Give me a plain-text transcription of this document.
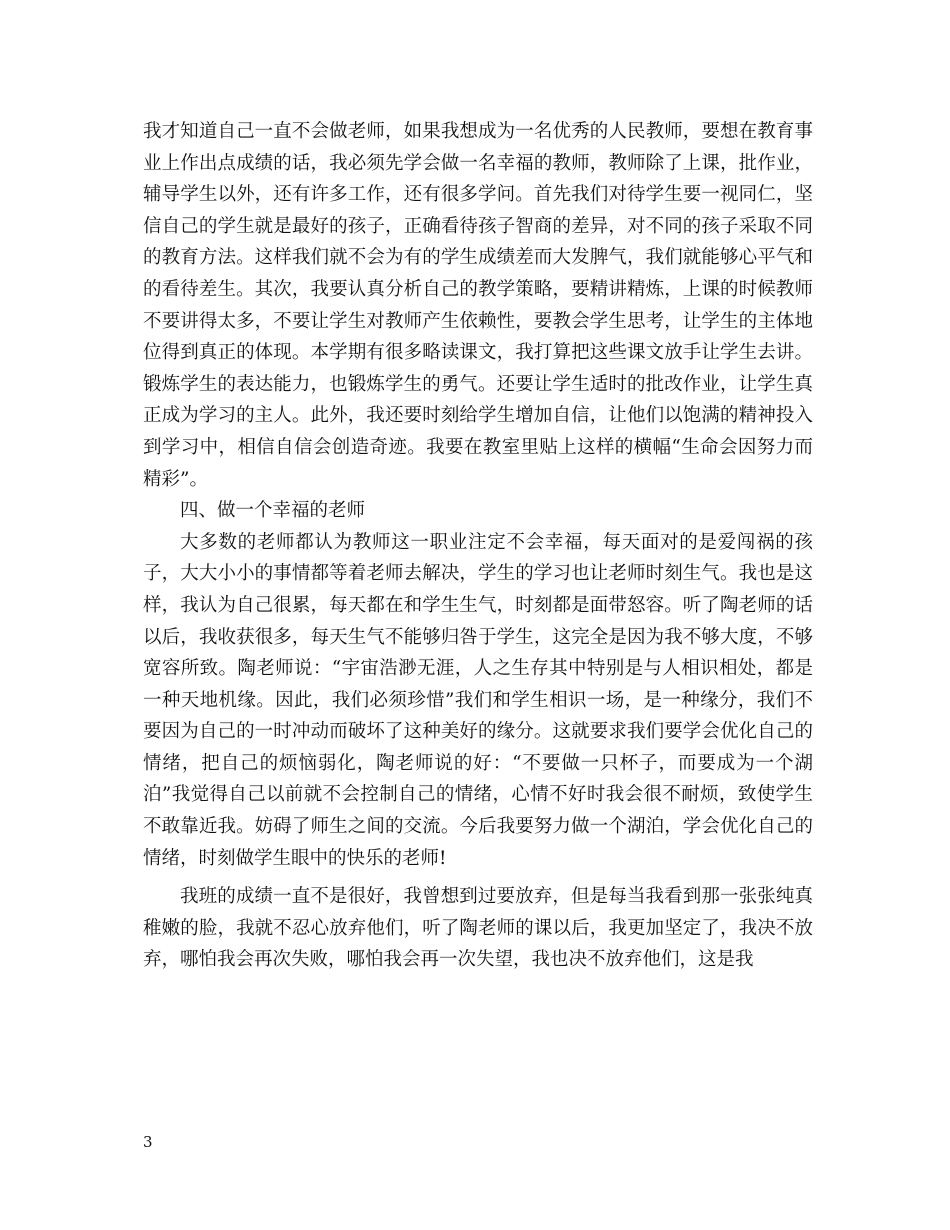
我才知道自己一直不会做老师，如果我想成为一名优秀的人民教师，要想在教育事业上作出点成绩的话，我必须先学会做一名幸福的教师，教师除了上课，批作业，辅导学生以外，还有许多工作，还有很多学问。首先我们对待学生要一视同仁，坚信自己的学生就是最好的孩子，正确看待孩子智商的差异，对不同的孩子采取不同的教育方法。这样我们就不会为有的学生成绩差而大发脾气，我们就能够心平气和的看待差生。其次，我要认真分析自己的教学策略，要精讲精炼，上课的时候教师不要讲得太多，不要让学生对教师产生依赖性，要教会学生思考，让学生的主体地位得到真正的体现。本学期有很多略读课文，我打算把这些课文放手让学生去讲。锻炼学生的表达能力，也锻炼学生的勇气。还要让学生适时的批改作业，让学生真正成为学习的主人。此外，我还要时刻给学生增加自信，让他们以饱满的精神投入到学习中，相信自信会创造奇迹。我要在教室里贴上这样的横幅“生命会因努力而精彩”。

四、做一个幸福的老师

大多数的老师都认为教师这一职业注定不会幸福，每天面对的是爱闯祸的孩子，大大小小的事情都等着老师去解决，学生的学习也让老师时刻生气。我也是这样，我认为自己很累，每天都在和学生生气，时刻都是面带怒容。听了陶老师的话以后，我收获很多，每天生气不能够归咎于学生，这完全是因为我不够大度，不够宽容所致。陶老师说：“宇宙浩渺无涯，人之生存其中特别是与人相识相处，都是一种天地机缘。因此，我们必须珍惜”我们和学生相识一场，是一种缘分，我们不要因为自己的一时冲动而破坏了这种美好的缘分。这就要求我们要学会优化自己的情绪，把自己的烦恼弱化，陶老师说的好：“不要做一只杯子，而要成为一个湖泊”我觉得自己以前就不会控制自己的情绪，心情不好时我会很不耐烦，致使学生不敢靠近我。妨碍了师生之间的交流。今后我要努力做一个湖泊，学会优化自己的情绪，时刻做学生眼中的快乐的老师!

我班的成绩一直不是很好，我曾想到过要放弃，但是每当我看到那一张张纯真稚嫩的脸，我就不忍心放弃他们，听了陶老师的课以后，我更加坚定了，我决不放弃，哪怕我会再次失败，哪怕我会再一次失望，我也决不放弃他们，这是我

3
